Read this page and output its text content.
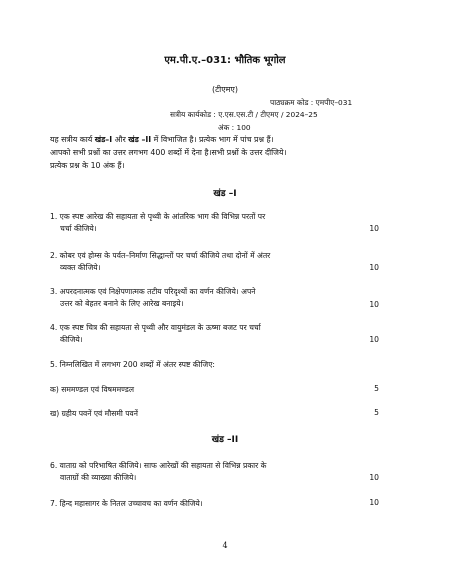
एम.पी.ए.–031: भौतिक भूगोल
(टीएमए)
पाठ्यक्रम कोड : एमपीए–031
सत्रीय कार्यकोड : ए.एस.एस.टी / टीएमए / 2024–25
अंक : 100
यह सत्रीय कार्य खंड–I और खंड –II में विभाजित है। प्रत्येक भाग में पांच प्रश्न हैं।
आपको सभी प्रश्नों का उत्तर लगभग 400 शब्दों में देना है।सभी प्रश्नों के उत्तर दीजिये।
प्रत्येक प्रश्न के 10 अंक हैं।
खंड –I
1. एक स्पष्ट आरेख की सहायता से पृथ्वी के आंतरिक भाग की विभिन्न परतों पर
चर्चा कीजिये।	10
2. कोबर एवं होम्स के पर्वत–निर्माण सिद्धान्तों पर चर्चा कीजिये तथा दोनों में अंतर
व्यक्त कीजिये।	10
3. अपरदनात्मक एवं निक्षेपणात्मक तटीय परिदृश्यों का वर्णन कीजिये। अपने
उत्तर को बेहतर बनाने के लिए आरेख बनाइये।	10
4. एक स्पष्ट चित्र की सहायता से पृथ्वी और वायुमंडल के ऊष्मा बजट पर चर्चा
कीजिये।	10
5. निम्नलिखित में लगभग 200 शब्दों में अंतर स्पष्ट कीजिए:
क) सममण्डल एवं विषममण्डल	5
ख) ग्रहीय पवनें एवं मौसमी पवनें	5
खंड –II
6. वाताग्र को परिभाषित कीजिये। साफ आरेखों की सहायता से विभिन्न प्रकार के
वाताग्रों की व्याख्या कीजिये।	10
7. हिन्द महासागर के नितल उच्चावच का वर्णन कीजिये।	10
4
